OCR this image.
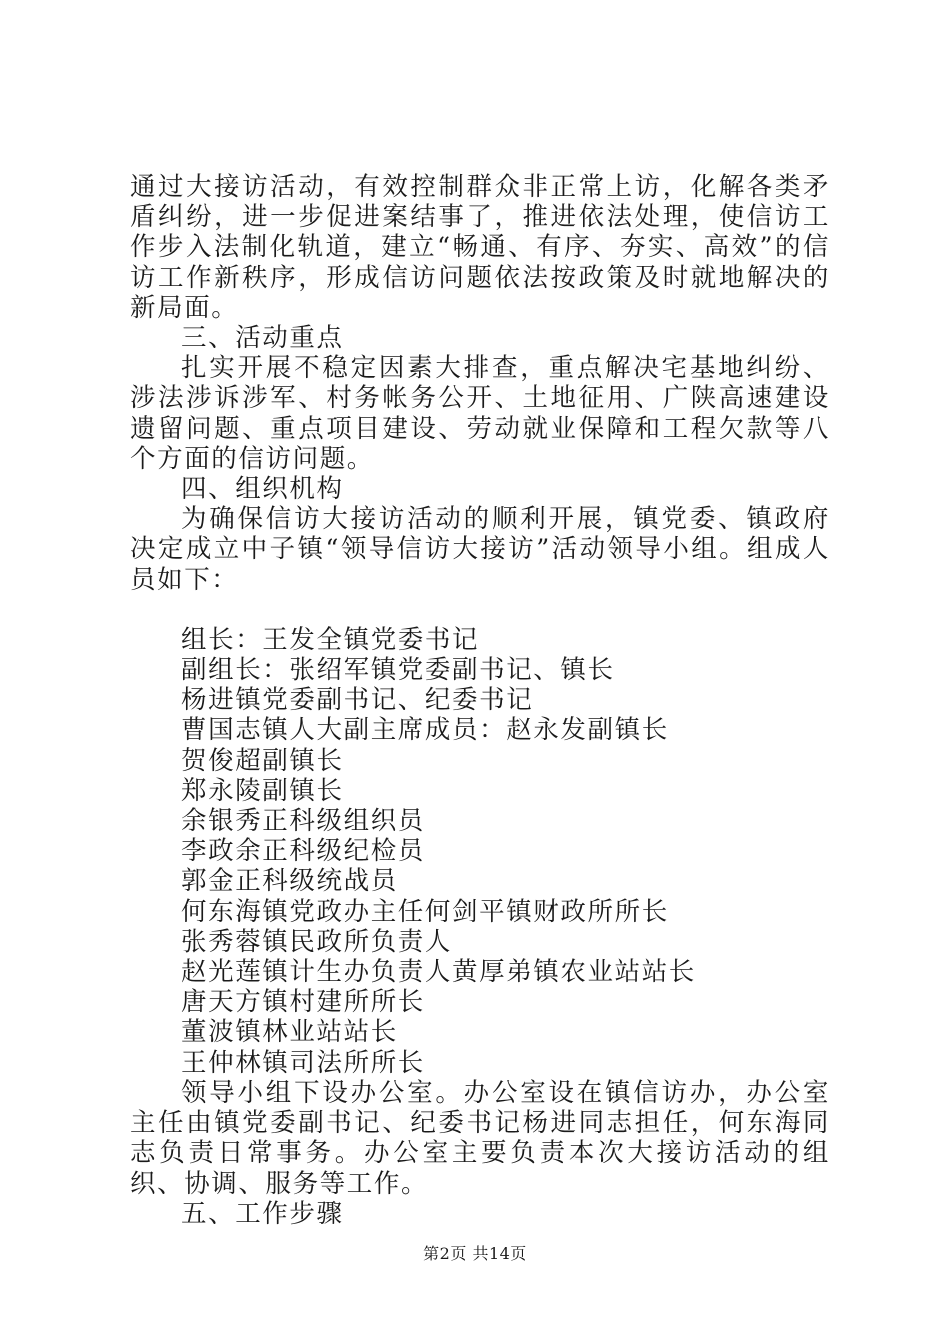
通过大接访活动，有效控制群众非正常上访，化解各类矛盾纠纷，进一步促进案结事了，推进依法处理，使信访工作步入法制化轨道，建立“畅通、有序、夯实、高效”的信访工作新秩序，形成信访问题依法按政策及时就地解决的新局面。

三、活动重点

扎实开展不稳定因素大排查，重点解决宅基地纠纷、涉法涉诉涉军、村务帐务公开、土地征用、广陕高速建设遗留问题、重点项目建设、劳动就业保障和工程欠款等八个方面的信访问题。

四、组织机构

为确保信访大接访活动的顺利开展，镇党委、镇政府决定成立中子镇“领导信访大接访”活动领导小组。组成人员如下：

组长：王发全镇党委书记
副组长：张绍军镇党委副书记、镇长
杨进镇党委副书记、纪委书记
曹国志镇人大副主席成员：赵永发副镇长
贺俊超副镇长
郑永陵副镇长
余银秀正科级组织员
李政余正科级纪检员
郭金正科级统战员
何东海镇党政办主任何剑平镇财政所所长
张秀蓉镇民政所负责人
赵光莲镇计生办负责人黄厚弟镇农业站站长
唐天方镇村建所所长
董波镇林业站站长
王仲林镇司法所所长

领导小组下设办公室。办公室设在镇信访办，办公室主任由镇党委副书记、纪委书记杨进同志担任，何东海同志负责日常事务。办公室主要负责本次大接访活动的组织、协调、服务等工作。

五、工作步骤

第2页 共14页
